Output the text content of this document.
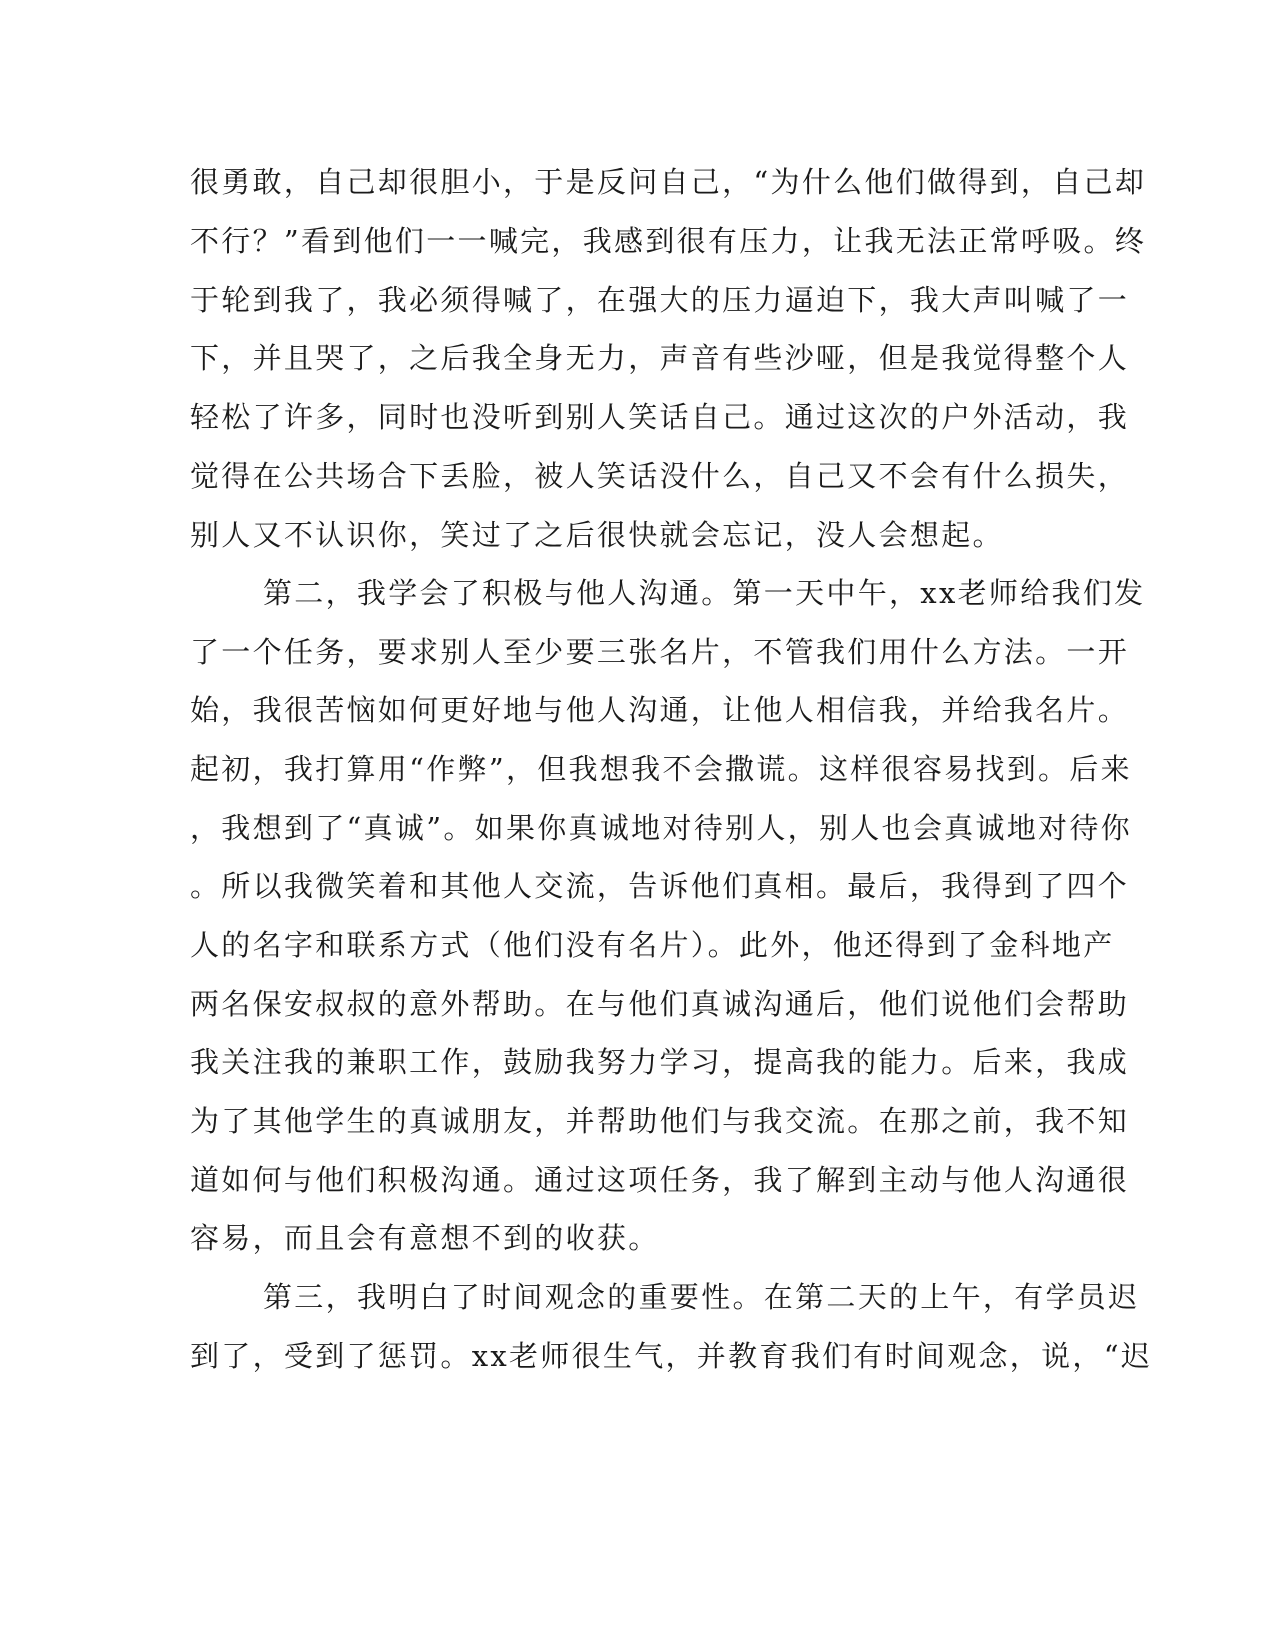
很勇敢，自己却很胆小，于是反问自己，“为什么他们做得到，自己却
不行？”看到他们一一喊完，我感到很有压力，让我无法正常呼吸。终
于轮到我了，我必须得喊了，在强大的压力逼迫下，我大声叫喊了一
下，并且哭了，之后我全身无力，声音有些沙哑，但是我觉得整个人
轻松了许多，同时也没听到别人笑话自己。通过这次的户外活动，我
觉得在公共场合下丢脸，被人笑话没什么，自己又不会有什么损失，
别人又不认识你，笑过了之后很快就会忘记，没人会想起。
第二，我学会了积极与他人沟通。第一天中午，xx老师给我们发
了一个任务，要求别人至少要三张名片，不管我们用什么方法。一开
始，我很苦恼如何更好地与他人沟通，让他人相信我，并给我名片。
起初，我打算用“作弊”，但我想我不会撒谎。这样很容易找到。后来
，我想到了“真诚”。如果你真诚地对待别人，别人也会真诚地对待你
。所以我微笑着和其他人交流，告诉他们真相。最后，我得到了四个
人的名字和联系方式（他们没有名片）。此外，他还得到了金科地产
两名保安叔叔的意外帮助。在与他们真诚沟通后，他们说他们会帮助
我关注我的兼职工作，鼓励我努力学习，提高我的能力。后来，我成
为了其他学生的真诚朋友，并帮助他们与我交流。在那之前，我不知
道如何与他们积极沟通。通过这项任务，我了解到主动与他人沟通很
容易，而且会有意想不到的收获。
第三，我明白了时间观念的重要性。在第二天的上午，有学员迟
到了，受到了惩罚。xx老师很生气，并教育我们有时间观念，说，“迟
